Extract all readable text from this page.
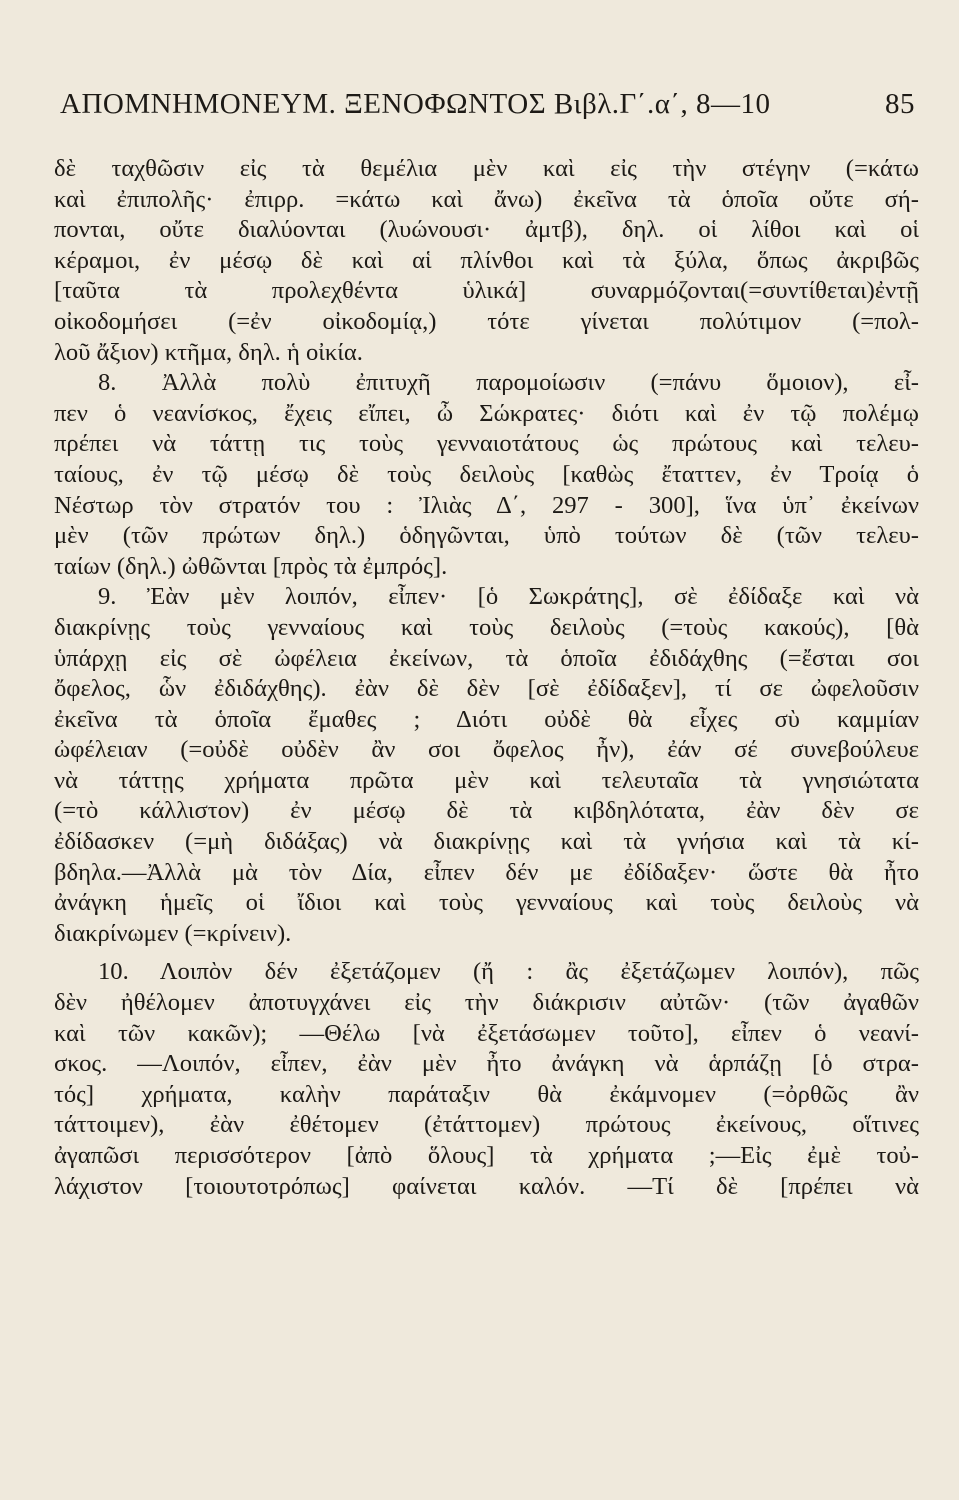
ΑΠΟΜΝΗΜΟΝΕΥΜ. ΞΕΝΟΦΩΝΤΟΣ Βιβλ.Γ΄.α΄, 8—10	85
δὲ ταχθῶσιν εἰς τὰ θεμέλια μὲν καὶ εἰς τὴν στέγην (=κάτω
καὶ ἐπιπολῆς· ἐπιρρ. =κάτω καὶ ἄνω) ἐκεῖνα τὰ ὁποῖα οὔτε σή-
πονται, οὔτε διαλύονται (λυώνουσι· ἀμτβ), δηλ. οἱ λίθοι καὶ οἱ
κέραμοι, ἐν μέσῳ δὲ καὶ αἱ πλίνθοι καὶ τὰ ξύλα, ὅπως ἀκριβῶς
[ταῦτα τὰ προλεχθέντα ὑλικά] συναρμόζονται(=συντίθεται)ἐντῇ
οἰκοδομήσει (=ἐν οἰκοδομίᾳ,) τότε γίνεται πολύτιμον (=πολ-
λοῦ ἄξιον) κτῆμα, δηλ. ἡ οἰκία.
8. Ἀλλὰ πολὺ ἐπιτυχῆ παρομοίωσιν (=πάνυ ὅμοιον), εἶ-
πεν ὁ νεανίσκος, ἔχεις εἴπει, ὦ Σώκρατες· διότι καὶ ἐν τῷ πολέμῳ
πρέπει νὰ τάττῃ τις τοὺς γενναιοτάτους ὡς πρώτους καὶ τελευ-
ταίους, ἐν τῷ μέσῳ δὲ τοὺς δειλοὺς [καθὼς ἔταττεν, ἐν Τροίᾳ ὁ
Νέστωρ τὸν στρατόν του : Ἰλιὰς Δ΄, 297 - 300], ἵνα ὑπ᾽ ἐκείνων
μὲν (τῶν πρώτων δηλ.) ὁδηγῶνται, ὑπὸ τούτων δὲ (τῶν τελευ-
ταίων (δηλ.) ὠθῶνται [πρὸς τὰ ἐμπρός].
9. Ἐὰν μὲν λοιπόν, εἶπεν· [ὁ Σωκράτης], σὲ ἐδίδαξε καὶ νὰ
διακρίνῃς τοὺς γενναίους καὶ τοὺς δειλοὺς (=τοὺς κακούς), [θὰ
ὑπάρχῃ εἰς σὲ ὠφέλεια ἐκείνων, τὰ ὁποῖα ἐδιδάχθης (=ἔσται σοι
ὄφελος, ὧν ἐδιδάχθης). ἐὰν δὲ δὲν [σὲ ἐδίδαξεν], τί σε ὠφελοῦσιν
ἐκεῖνα τὰ ὁποῖα ἔμαθες ; Διότι οὐδὲ θὰ εἶχες σὺ καμμίαν
ὠφέλειαν (=οὐδὲ οὐδὲν ἂν σοι ὄφελος ἦν), ἐάν σέ συνεβούλευε
νὰ τάττῃς χρήματα πρῶτα μὲν καὶ τελευταῖα τὰ γνησιώτατα
(=τὸ κάλλιστον) ἐν μέσῳ δὲ τὰ κιβδηλότατα, ἐὰν δὲν σε
ἐδίδασκεν (=μὴ διδάξας) νὰ διακρίνῃς καὶ τὰ γνήσια καὶ τὰ κί-
βδηλα.—Ἀλλὰ μὰ τὸν Δία, εἶπεν δέν με ἐδίδαξεν· ὥστε θὰ ἦτο
ἀνάγκη ἡμεῖς οἱ ἴδιοι καὶ τοὺς γενναίους καὶ τοὺς δειλοὺς νὰ
διακρίνωμεν (=κρίνειν).
10. Λοιπὸν δέν ἐξετάζομεν (ἤ : ἂς ἐξετάζωμεν λοιπόν), πῶς
δὲν ἠθέλομεν ἀποτυγχάνει εἰς τὴν διάκρισιν αὐτῶν· (τῶν ἀγαθῶν
καὶ τῶν κακῶν); —Θέλω [νὰ ἐξετάσωμεν τοῦτο], εἶπεν ὁ νεανί-
σκος. —Λοιπόν, εἶπεν, ἐὰν μὲν ἦτο ἀνάγκη νὰ ἁρπάζῃ [ὁ στρα-
τός] χρήματα, καλὴν παράταξιν θὰ ἐκάμνομεν (=ὀρθῶς ἂν
τάττοιμεν), ἐὰν ἐθέτομεν (ἐτάττομεν) πρώτους ἐκείνους, οἵτινες
ἀγαπῶσι περισσότερον [ἀπὸ ὅλους] τὰ χρήματα ;—Εἰς ἐμὲ τοὐ-
λάχιστον [τοιουτοτρόπως] φαίνεται καλόν. —Τί δὲ [πρέπει νὰ
